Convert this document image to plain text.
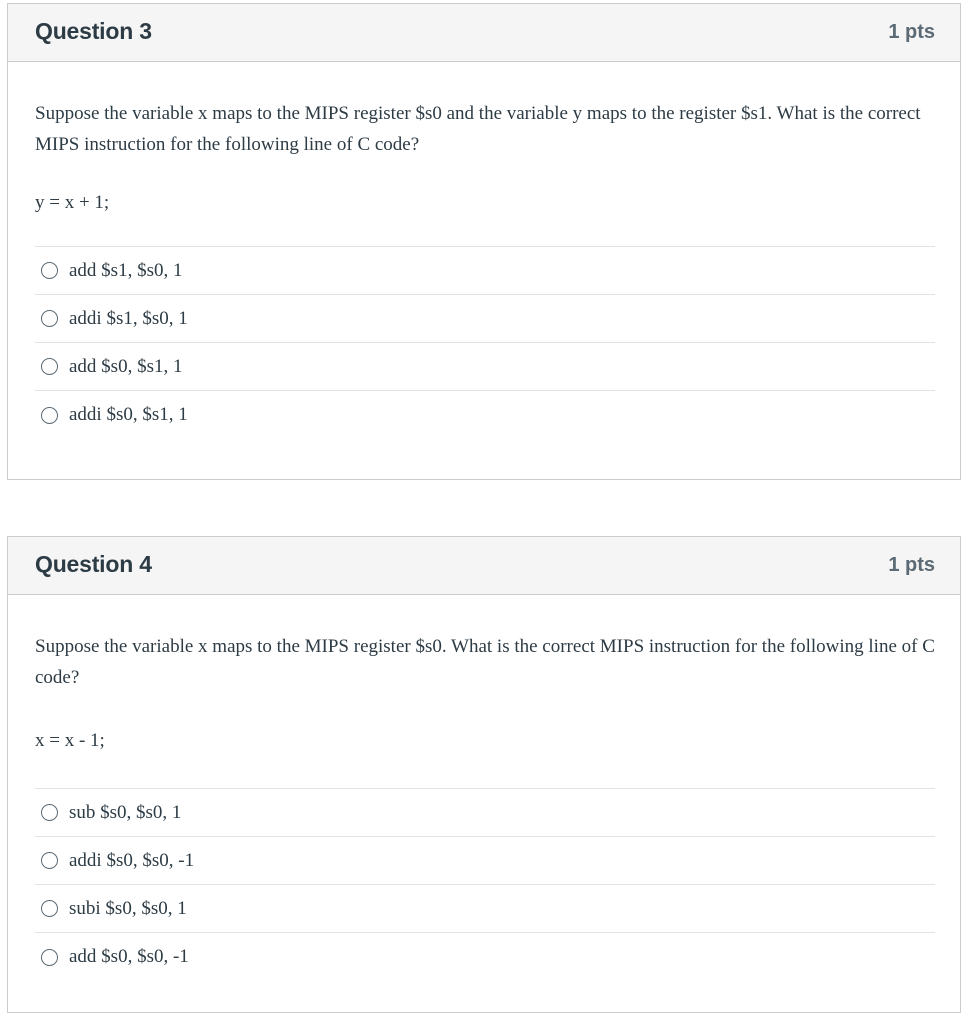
Question 3	1 pts

Suppose the variable x maps to the MIPS register $s0 and the variable y maps to the register $s1. What is the correct MIPS instruction for the following line of C code?

y = x + 1;

add $s1, $s0, 1
addi $s1, $s0, 1
add $s0, $s1, 1
addi $s0, $s1, 1
Question 4	1 pts

Suppose the variable x maps to the MIPS register $s0. What is the correct MIPS instruction for the following line of C code?

x = x - 1;

sub $s0, $s0, 1
addi $s0, $s0, -1
subi $s0, $s0, 1
add $s0, $s0, -1
